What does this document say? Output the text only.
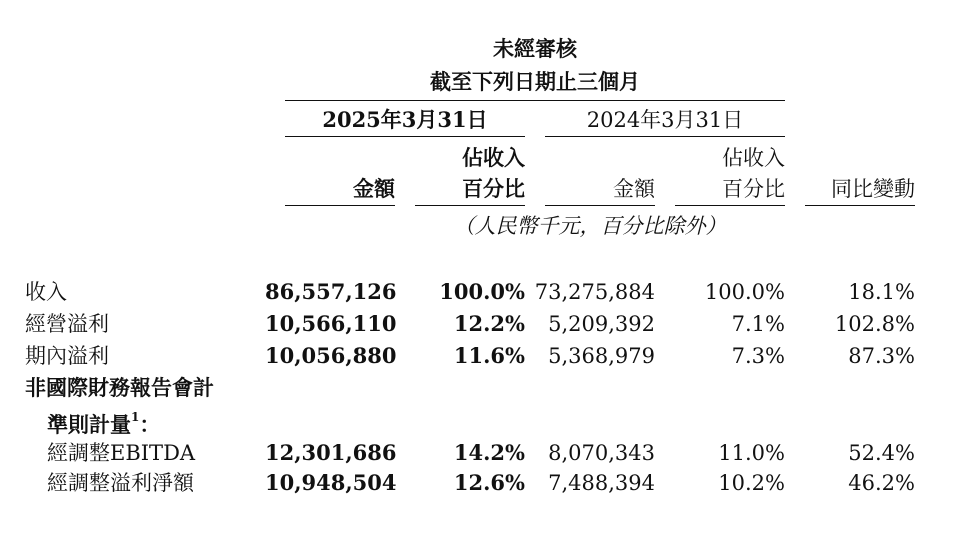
未經審核
截至下列日期止三個月
2025年3月31日	2024年3月31日
佔收入	佔收入
金額	百分比	金額	百分比	同比變動
（人民幣千元，百分比除外）
收入	86,557,126	100.0% 73,275,884	100.0%	18.1%
經營溢利	10,566,110	12.2%	5,209,392	7.1%	102.8%
期內溢利	10,056,880	11.6%	5,368,979	7.3%	87.3%
非國際財務報告會計
準則計量$^1$：
經調整EBITDA	12,301,686	14.2%	8,070,343	11.0%	52.4%
經調整溢利淨額	10,948,504	12.6%	7,488,394	10.2%	46.2%
